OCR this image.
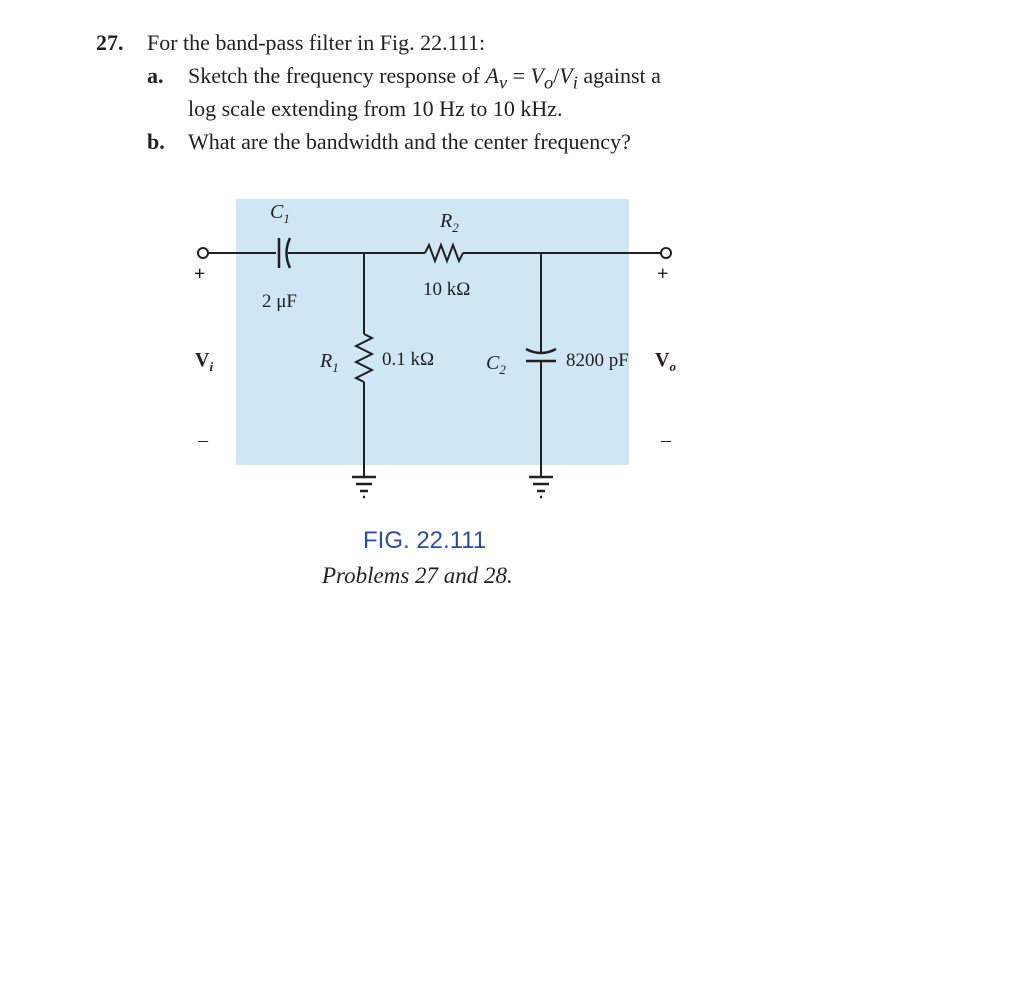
27. For the band-pass filter in Fig. 22.111:
a. Sketch the frequency response of $A_v = V_o/V_i$ against a
log scale extending from 10 Hz to 10 kHz.
b. What are the bandwidth and the center frequency?
$C_1$
2 μF
$R_2$
10 kΩ
$R_1$ 0.1 kΩ	$C_2$	8200 pF
+
$V_i$
–
+
$V_o$
–
FIG. 22.111
Problems 27 and 28.
